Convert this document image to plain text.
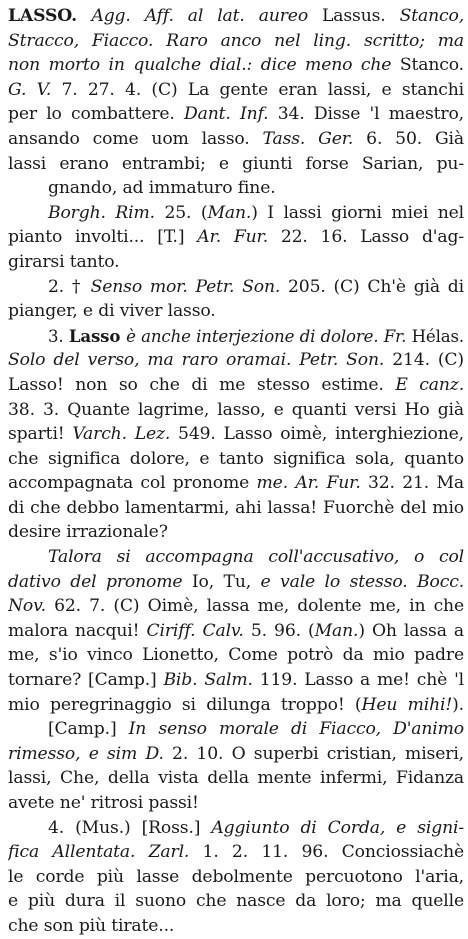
LASSO. Agg. Aff. al lat. aureo Lassus. Stanco,
Stracco, Fiacco. Raro anco nel ling. scritto; ma
non morto in qualche dial.: dice meno che Stanco.
G. V. 7. 27. 4. (C) La gente eran lassi, e stanchi
per lo combattere. Dant. Inf. 34. Disse 'l maestro,
ansando come uom lasso. Tass. Ger. 6. 50. Già
lassi erano entrambi; e giunti forse Sarian, pu-
gnando, ad immaturo fine.
Borgh. Rim. 25. (Man.) I lassi giorni miei nel
pianto involti... [T.] Ar. Fur. 22. 16. Lasso d'ag-
girarsi tanto.
2. † Senso mor. Petr. Son. 205. (C) Ch'è già di
pianger, e di viver lasso.
3. Lasso è anche interjezione di dolore. Fr. Hélas.
Solo del verso, ma raro oramai. Petr. Son. 214. (C)
Lasso! non so che di me stesso estime. E canz.
38. 3. Quante lagrime, lasso, e quanti versi Ho già
sparti! Varch. Lez. 549. Lasso oimè, interghiezione,
che significa dolore, e tanto significa sola, quanto
accompagnata col pronome me. Ar. Fur. 32. 21. Ma
di che debbo lamentarmi, ahi lassa! Fuorchè del mio
desire irrazionale?
Talora si accompagna coll'accusativo, o col
dativo del pronome Io, Tu, e vale lo stesso. Bocc.
Nov. 62. 7. (C) Oimè, lassa me, dolente me, in che
malora nacqui! Ciriff. Calv. 5. 96. (Man.) Oh lassa a
me, s'io vinco Lionetto, Come potrò da mio padre
tornare? [Camp.] Bib. Salm. 119. Lasso a me! chè 'l
mio peregrinaggio si dilunga troppo! (Heu mihi!).
[Camp.] In senso morale di Fiacco, D'animo
rimesso, e sim D. 2. 10. O superbi cristian, miseri,
lassi, Che, della vista della mente infermi, Fidanza
avete ne' ritrosi passi!
4. (Mus.) [Ross.] Aggiunto di Corda, e signi-
fica Allentata. Zarl. 1. 2. 11. 96. Conciossiachè
le corde più lasse debolmente percuotono l'aria,
e più dura il suono che nasce da loro; ma quelle
che son più tirate...
